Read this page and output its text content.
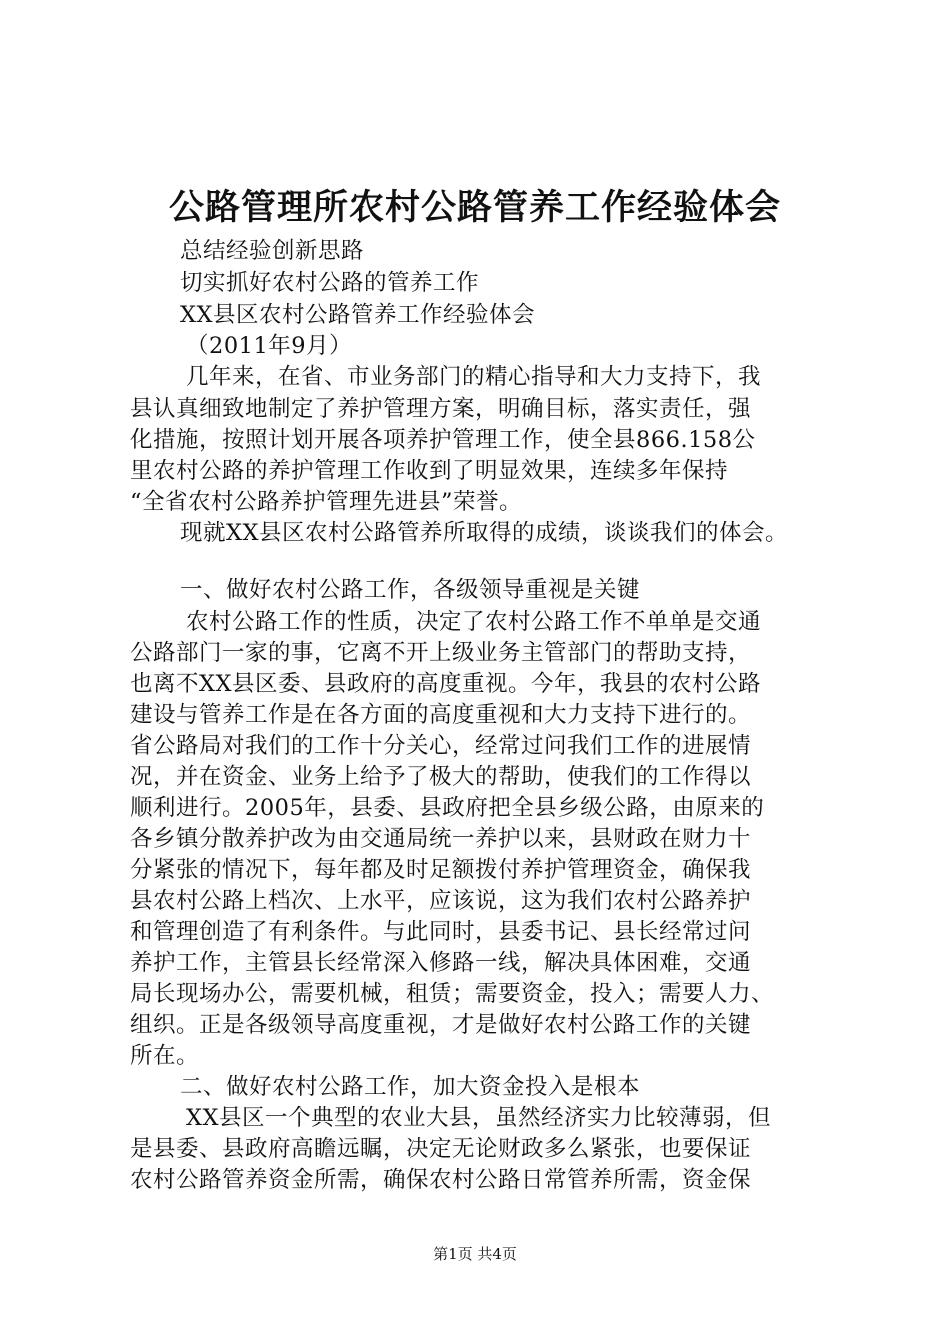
公路管理所农村公路管养工作经验体会
总结经验创新思路
切实抓好农村公路的管养工作
XX县区农村公路管养工作经验体会
（2011年9月）
几年来，在省、市业务部门的精心指导和大力支持下，我
县认真细致地制定了养护管理方案，明确目标，落实责任，强
化措施，按照计划开展各项养护管理工作，使全县866.158公
里农村公路的养护管理工作收到了明显效果，连续多年保持
“全省农村公路养护管理先进县”荣誉。
现就XX县区农村公路管养所取得的成绩，谈谈我们的体会。
一、做好农村公路工作，各级领导重视是关键
农村公路工作的性质，决定了农村公路工作不单单是交通
公路部门一家的事，它离不开上级业务主管部门的帮助支持，
也离不XX县区委、县政府的高度重视。今年，我县的农村公路
建设与管养工作是在各方面的高度重视和大力支持下进行的。
省公路局对我们的工作十分关心，经常过问我们工作的进展情
况，并在资金、业务上给予了极大的帮助，使我们的工作得以
顺利进行。2005年，县委、县政府把全县乡级公路，由原来的
各乡镇分散养护改为由交通局统一养护以来，县财政在财力十
分紧张的情况下，每年都及时足额拨付养护管理资金，确保我
县农村公路上档次、上水平，应该说，这为我们农村公路养护
和管理创造了有利条件。与此同时，县委书记、县长经常过问
养护工作，主管县长经常深入修路一线，解决具体困难，交通
局长现场办公，需要机械，租赁；需要资金，投入；需要人力、
组织。正是各级领导高度重视，才是做好农村公路工作的关键
所在。
二、做好农村公路工作，加大资金投入是根本
XX县区一个典型的农业大县，虽然经济实力比较薄弱，但
是县委、县政府高瞻远瞩，决定无论财政多么紧张，也要保证
农村公路管养资金所需，确保农村公路日常管养所需，资金保
第1页 共4页
